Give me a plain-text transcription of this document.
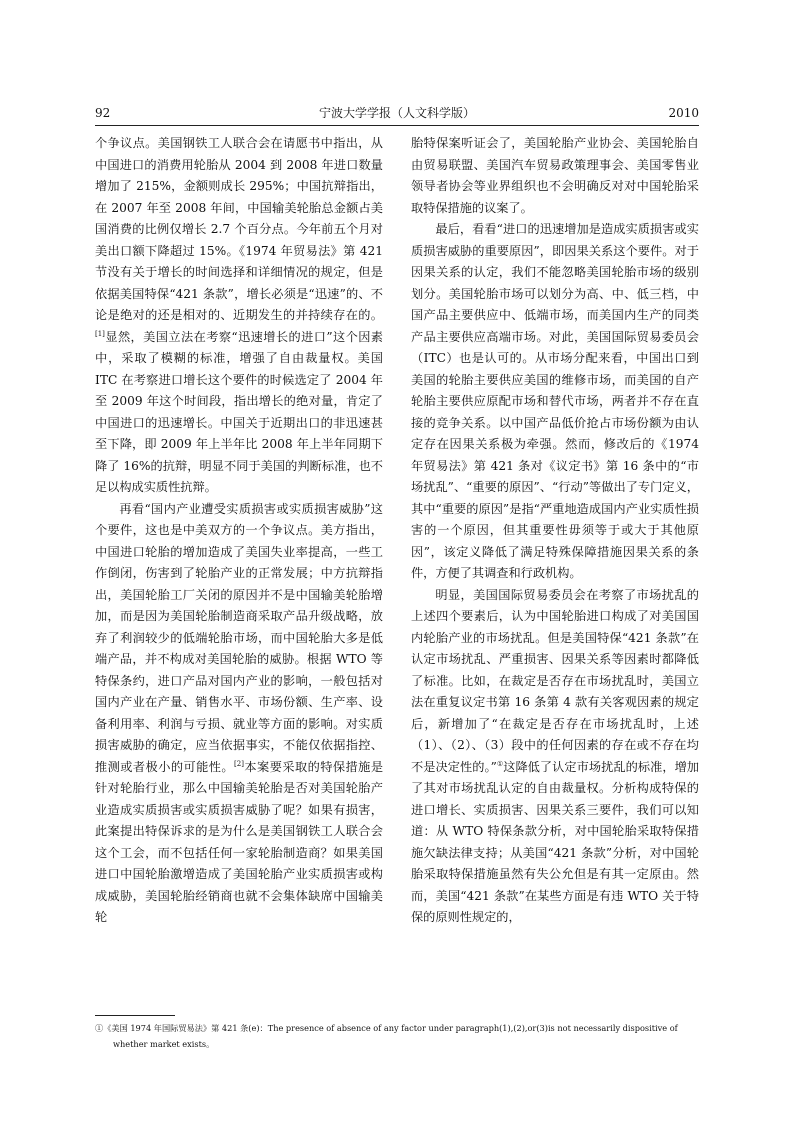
92	宁波大学学报（人文科学版）	2010

个争议点。美国钢铁工人联合会在请愿书中指出，从中国进口的消费用轮胎从 2004 到 2008 年进口数量增加了 215%，金额则成长 295%；中国抗辩指出，在 2007 年至 2008 年间，中国输美轮胎总金额占美国消费的比例仅增长 2.7 个百分点。今年前五个月对美出口额下降超过 15%。《1974 年贸易法》第 421 节没有关于增长的时间选择和详细情况的规定，但是依据美国特保“421 条款”，增长必须是“迅速”的、不论是绝对的还是相对的、近期发生的并持续存在的。[1]显然，美国立法在考察“迅速增长的进口”这个因素中，采取了模糊的标准，增强了自由裁量权。美国 ITC 在考察进口增长这个要件的时候选定了 2004 年至 2009 年这个时间段，指出增长的绝对量，肯定了中国进口的迅速增长。中国关于近期出口的非迅速甚至下降，即 2009 年上半年比 2008 年上半年同期下降了 16%的抗辩，明显不同于美国的判断标准，也不足以构成实质性抗辩。

再看“国内产业遭受实质损害或实质损害威胁”这个要件，这也是中美双方的一个争议点。美方指出，中国进口轮胎的增加造成了美国失业率提高，一些工作倒闭，伤害到了轮胎产业的正常发展；中方抗辩指出，美国轮胎工厂关闭的原因并不是中国输美轮胎增加，而是因为美国轮胎制造商采取产品升级战略，放弃了利润较少的低端轮胎市场，而中国轮胎大多是低端产品，并不构成对美国轮胎的威胁。根据 WTO 等特保条约，进口产品对国内产业的影响，一般包括对国内产业在产量、销售水平、市场份额、生产率、设备利用率、利润与亏损、就业等方面的影响。对实质损害威胁的确定，应当依据事实，不能仅依据指控、推测或者极小的可能性。[2]本案要采取的特保措施是针对轮胎行业，那么中国输美轮胎是否对美国轮胎产业造成实质损害或实质损害威胁了呢？如果有损害，此案提出特保诉求的是为什么是美国钢铁工人联合会这个工会，而不包括任何一家轮胎制造商？如果美国进口中国轮胎激增造成了美国轮胎产业实质损害或构成威胁，美国轮胎经销商也就不会集体缺席中国输美轮

胎特保案听证会了，美国轮胎产业协会、美国轮胎自由贸易联盟、美国汽车贸易政策理事会、美国零售业领导者协会等业界组织也不会明确反对对中国轮胎采取特保措施的议案了。

最后，看看“进口的迅速增加是造成实质损害或实质损害威胁的重要原因”，即因果关系这个要件。对于因果关系的认定，我们不能忽略美国轮胎市场的级别划分。美国轮胎市场可以划分为高、中、低三档，中国产品主要供应中、低端市场，而美国内生产的同类产品主要供应高端市场。对此，美国国际贸易委员会（ITC）也是认可的。从市场分配来看，中国出口到美国的轮胎主要供应美国的维修市场，而美国的自产轮胎主要供应原配市场和替代市场，两者并不存在直接的竞争关系。以中国产品低价抢占市场份额为由认定存在因果关系极为牵强。然而，修改后的《1974 年贸易法》第 421 条对《议定书》第 16 条中的“市场扰乱”、“重要的原因”、“行动”等做出了专门定义，其中“重要的原因”是指“严重地造成国内产业实质性损害的一个原因，但其重要性毋须等于或大于其他原因”，该定义降低了满足特殊保障措施因果关系的条件，方便了其调查和行政机构。

明显，美国国际贸易委员会在考察了市场扰乱的上述四个要素后，认为中国轮胎进口构成了对美国国内轮胎产业的市场扰乱。但是美国特保“421 条款”在认定市场扰乱、严重损害、因果关系等因素时都降低了标准。比如，在裁定是否存在市场扰乱时，美国立法在重复议定书第 16 条第 4 款有关客观因素的规定后，新增加了“在裁定是否存在市场扰乱时，上述（1）、（2）、（3）段中的任何因素的存在或不存在均不是决定性的。”①这降低了认定市场扰乱的标准，增加了其对市场扰乱认定的自由裁量权。分析构成特保的进口增长、实质损害、因果关系三要件，我们可以知道：从 WTO 特保条款分析，对中国轮胎采取特保措施欠缺法律支持；从美国“421 条款”分析，对中国轮胎采取特保措施虽然有失公允但是有其一定原由。然而，美国“421 条款”在某些方面是有违 WTO 关于特保的原则性规定的，

①《美国 1974 年国际贸易法》第 421 条(e)：The presence of absence of any factor under paragraph(1),(2),or(3)is not necessarily dispositive of
whether market exists。
